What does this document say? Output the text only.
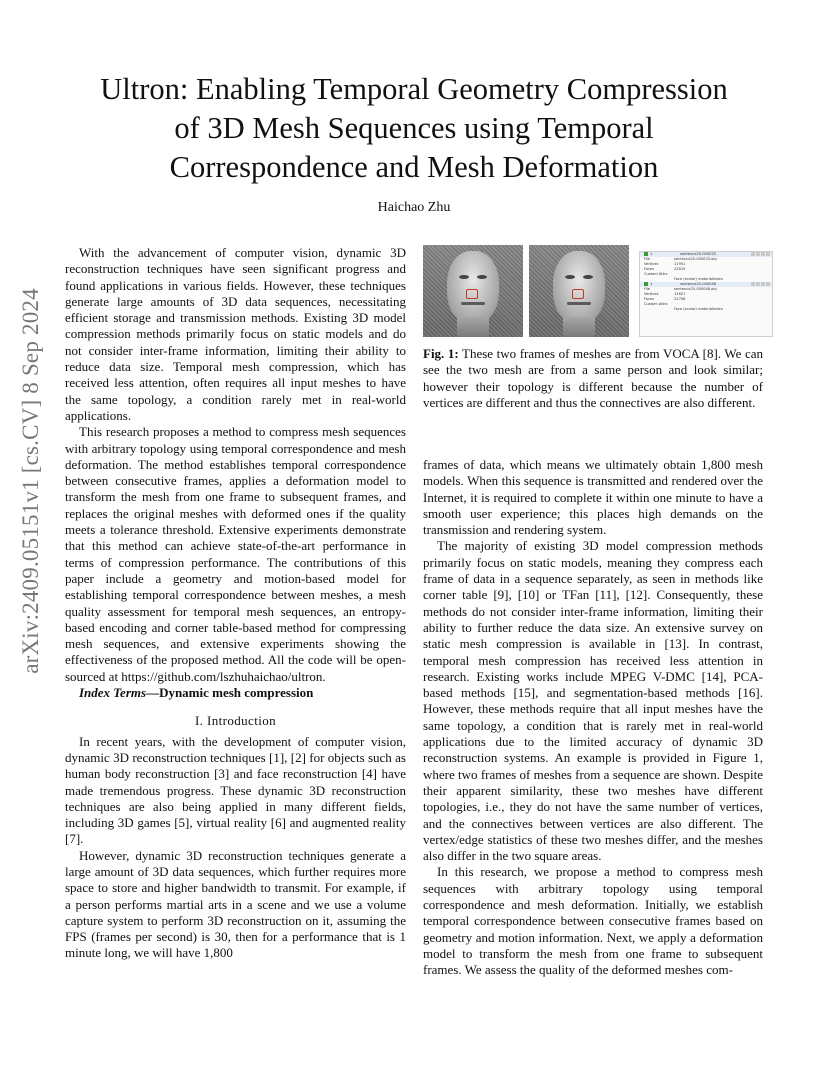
arXiv:2409.05151v1 [cs.CV] 8 Sep 2024
Ultron: Enabling Temporal Geometry Compression
of 3D Mesh Sequences using Temporal
Correspondence and Mesh Deformation
Haichao Zhu

With the advancement of computer vision, dynamic 3D reconstruction techniques have seen significant progress and found applications in various fields. However, these techniques generate large amounts of 3D data sequences, necessitating efficient storage and transmission methods. Existing 3D model compression methods primarily focus on static models and do not consider inter-frame information, limiting their ability to reduce data size. Temporal mesh compression, which has received less attention, often requires all input meshes to have the same topology, a condition rarely met in real-world applications.

This research proposes a method to compress mesh sequences with arbitrary topology using temporal correspondence and mesh deformation. The method establishes temporal correspondence between consecutive frames, applies a deformation model to transform the mesh from one frame to subsequent frames, and replaces the original meshes with deformed ones if the quality meets a tolerance threshold. Extensive experiments demonstrate that this method can achieve state-of-the-art performance in terms of compression performance. The contributions of this paper include a geometry and motion-based model for establishing temporal correspondence between meshes, a mesh quality assessment for temporal mesh sequences, an entropy-based encoding and corner table-based method for compressing mesh sequences, and extensive experiments showing the effectiveness of the proposed method. All the code will be open-sourced at https://github.com/lszhuhaichao/ultron.

Index Terms—Dynamic mesh compression

I. Introduction

In recent years, with the development of computer vision, dynamic 3D reconstruction techniques [1], [2] for objects such as human body reconstruction [3] and face reconstruction [4] have made tremendous progress. These dynamic 3D reconstruction techniques are also being applied in many different fields, including 3D games [5], virtual reality [6] and augmented reality [7].

However, dynamic 3D reconstruction techniques generate a large amount of 3D data sequences, which further requires more space to store and higher bandwidth to transmit. For example, if a person performs martial arts in a scene and we use a volume capture system to perform 3D reconstruction on it, assuming the FPS (frames per second) is 30, then for a performance that is 1 minute long, we will have 1,800

1	sentence25-000025
File	sentence25-000025.obj
Vertices	11951
Faces	22810
Custom Attrs
Face (scalar) materialIndex
1	sentence25-000048
File	sentence25-000048.obj
Vertices	11627
Faces	22708
Custom Attrs
Face (scalar) materialIndex
Fig. 1: These two frames of meshes are from VOCA [8]. We can see the two mesh are from a same person and look similar; however their topology is different because the number of vertices are different and thus the connectives are also different.

frames of data, which means we ultimately obtain 1,800 mesh models. When this sequence is transmitted and rendered over the Internet, it is required to complete it within one minute to have a smooth user experience; this places high demands on the transmission and rendering system.

The majority of existing 3D model compression methods primarily focus on static models, meaning they compress each frame of data in a sequence separately, as seen in methods like corner table [9], [10] or TFan [11], [12]. Consequently, these methods do not consider inter-frame information, limiting their ability to further reduce the data size. An extensive survey on static mesh compression is available in [13]. In contrast, temporal mesh compression has received less attention in research. Existing works include MPEG V-DMC [14], PCA-based methods [15], and segmentation-based methods [16]. However, these methods require that all input meshes have the same topology, a condition that is rarely met in real-world applications due to the limited accuracy of dynamic 3D reconstruction systems. An example is provided in Figure 1, where two frames of meshes from a sequence are shown. Despite their apparent similarity, these two meshes have different topologies, i.e., they do not have the same number of vertices, and the connectives between vertices are also different. The vertex/edge statistics of these two meshes differ, and the meshes also differ in the two square areas.

In this research, we propose a method to compress mesh sequences with arbitrary topology using temporal correspondence and mesh deformation. Initially, we establish temporal correspondence between consecutive frames based on geometry and motion information. Next, we apply a deformation model to transform the mesh from one frame to subsequent frames. We assess the quality of the deformed meshes com-
